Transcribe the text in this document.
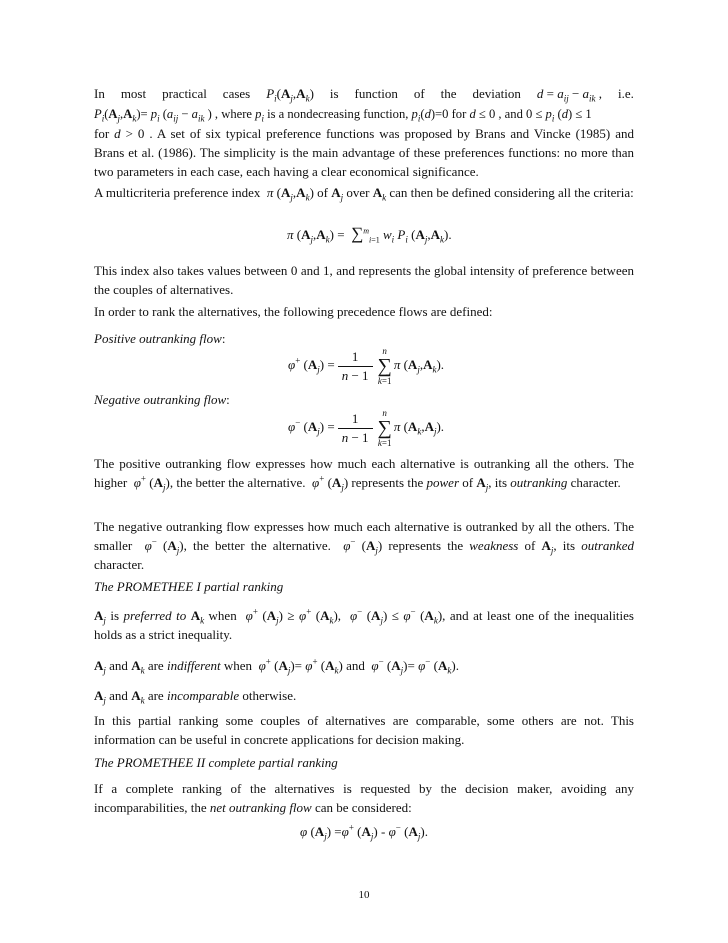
In most practical cases $P_i(A_j,A_k)$ is function of the deviation $d = a_{ij} - a_{ik}$ , i.e.
$P_i(A_j,A_k)= p_i$ ($a_{ij} - a_{ik}$ ) , where $p_i$ is a nondecreasing function, $p_i(d)=0$ for d ≤ 0 , and $0 \le p_i$ (d) ≤ 1
for d > 0 . A set of six typical preference functions was proposed by Brans and Vincke (1985) and Brans et al. (1986). The simplicity is the main advantage of these preferences functions: no more than two parameters in each case, each having a clear economical significance.
A multicriteria preference index  π $(A_j,A_k)$ of $A_j$ over $A_k$ can then be defined considering all the criteria:
π $(A_j,A_k) = \sum^m_{i=1}$ $w_i$ $P_i$ $(A_j,A_k)$.
This index also takes values between 0 and 1, and represents the global intensity of preference between the couples of alternatives.
In order to rank the alternatives, the following precedence flows are defined:
Positive outranking flow:
φ+ $(A_j) = \frac{1}{n - 1}$ n
∑
k=1π $(A_j,A_k)$.
Negative outranking flow:
φ− $(A_j) = \frac{1}{n - 1}$ n
∑
k=1π $(A_k,A_j)$.
The positive outranking flow expresses how much each alternative is outranking all the others. The higher  φ+ $(A_j)$, the better the alternative.  φ+ $(A_j)$ represents the power of $A_j$, its outranking character.
The negative outranking flow expresses how much each alternative is outranked by all the others. The smaller  φ− $(A_j)$, the better the alternative.  φ− $(A_j)$ represents the weakness of $A_j$, its outranked character.
The PROMETHEE I partial ranking
$A_j$ is preferred to $A_k$ when  φ+ $(A_j) \ge \varphi^+$ $(A_k)$,  φ− $(A_j) \le \varphi^-$ $(A_k)$, and at least one of the inequalities holds as a strict inequality.
$A_j$ and $A_k$ are indifferent when  φ+ $(A_j)= \varphi^+$ $(A_k)$ and  φ− $(A_j)= \varphi^-$ $(A_k)$.
$A_j$ and $A_k$ are incomparable otherwise.
In this partial ranking some couples of alternatives are comparable, some others are not. This information can be useful in concrete applications for decision making.
The PROMETHEE II complete partial ranking
If a complete ranking of the alternatives is requested by the decision maker, avoiding any incomparabilities, the net outranking flow can be considered:
φ $(A_j) =\varphi^+$ $(A_j) - \varphi^-$ $(A_j)$.
10
